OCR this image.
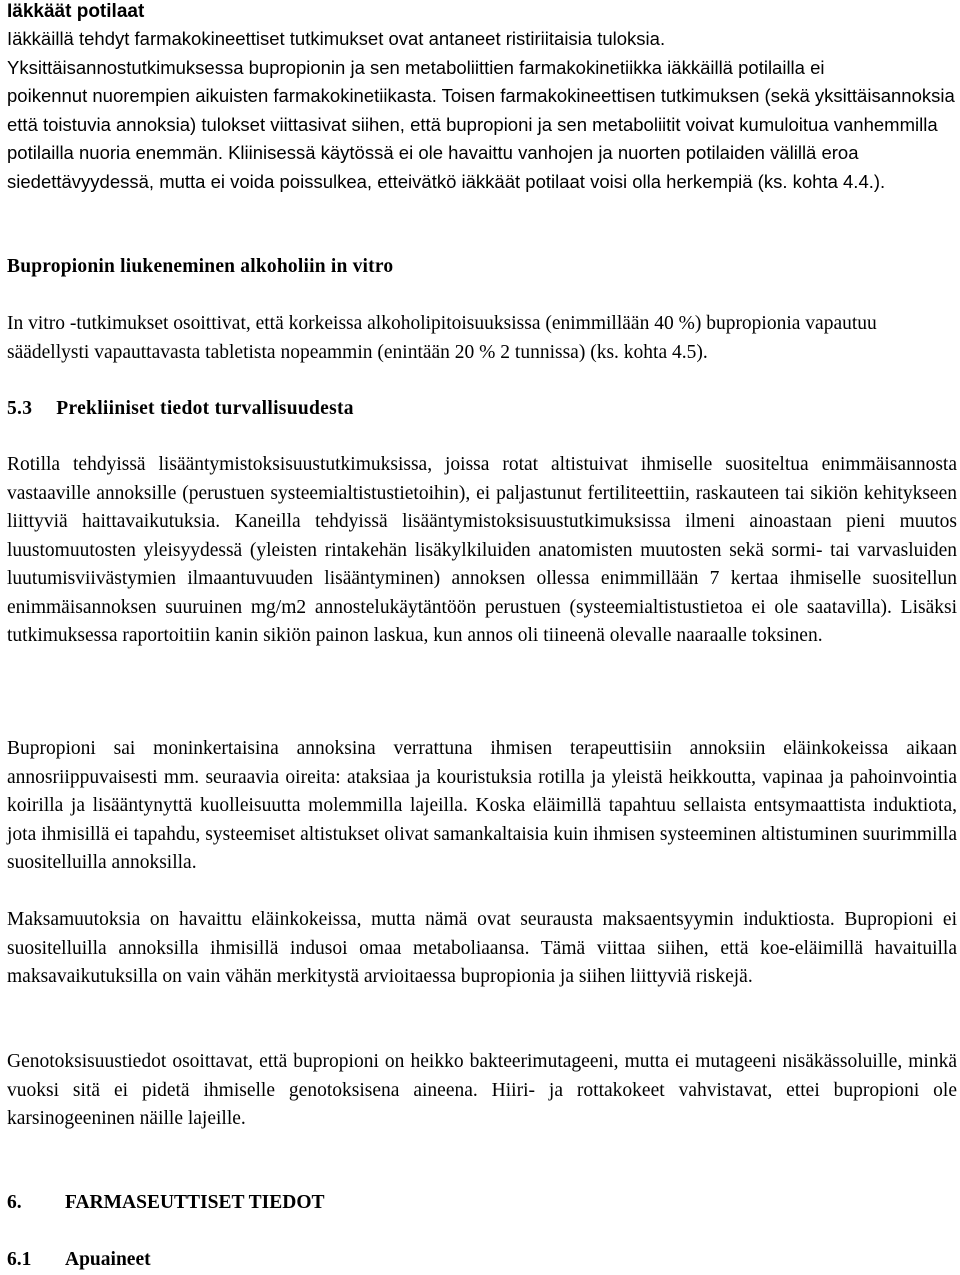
Iäkkäät potilaat
Iäkkäillä tehdyt farmakokineettiset tutkimukset ovat antaneet ristiriitaisia tuloksia.
Yksittäisannostutkimuksessa bupropionin ja sen metaboliittien farmakokinetiikka iäkkäillä potilailla ei
poikennut nuorempien aikuisten farmakokinetiikasta. Toisen farmakokineettisen tutkimuksen (sekä yksittäisannoksia että toistuvia annoksia) tulokset viittasivat siihen, että bupropioni ja sen metaboliitit voivat kumuloitua vanhemmilla potilailla nuoria enemmän. Kliinisessä käytössä ei ole havaittu vanhojen ja nuorten potilaiden välillä eroa siedettävyydessä, mutta ei voida poissulkea, etteivätkö iäkkäät potilaat voisi olla herkempiä (ks. kohta 4.4.).
Bupropionin liukeneminen alkoholiin in vitro
In vitro -tutkimukset osoittivat, että korkeissa alkoholipitoisuuksissa (enimmillään 40 %) bupropionia vapautuu säädellysti vapauttavasta tabletista nopeammin (enintään 20 % 2 tunnissa) (ks. kohta 4.5).
5.3 Prekliiniset tiedot turvallisuudesta
Rotilla tehdyissä lisääntymistoksisuustutkimuksissa, joissa rotat altistuivat ihmiselle suositeltua enimmäisannosta vastaaville annoksille (perustuen systeemialtistustietoihin), ei paljastunut fertiliteettiin, raskauteen tai sikiön kehitykseen liittyviä haittavaikutuksia. Kaneilla tehdyissä lisääntymistoksisuustutkimuksissa ilmeni ainoastaan pieni muutos luustomuutosten yleisyydessä (yleisten rintakehän lisäkylkiluiden anatomisten muutosten sekä sormi- tai varvasluiden luutumisviivästymien ilmaantuvuuden lisääntyminen) annoksen ollessa enimmillään 7 kertaa ihmiselle suositellun enimmäisannoksen suuruinen mg/m2 annostelukäytäntöön perustuen (systeemialtistustietoa ei ole saatavilla). Lisäksi tutkimuksessa raportoitiin kanin sikiön painon laskua, kun annos oli tiineenä olevalle naaraalle toksinen.
Bupropioni sai moninkertaisina annoksina verrattuna ihmisen terapeuttisiin annoksiin eläinkokeissa aikaan annosriippuvaisesti mm. seuraavia oireita: ataksiaa ja kouristuksia rotilla ja yleistä heikkoutta, vapinaa ja pahoinvointia koirilla ja lisääntynyttä kuolleisuutta molemmilla lajeilla. Koska eläimillä tapahtuu sellaista entsymaattista induktiota, jota ihmisillä ei tapahdu, systeemiset altistukset olivat samankaltaisia kuin ihmisen systeeminen altistuminen suurimmilla suositelluilla annoksilla.
Maksamuutoksia on havaittu eläinkokeissa, mutta nämä ovat seurausta maksaentsyymin induktiosta. Bupropioni ei suositelluilla annoksilla ihmisillä indusoi omaa metaboliaansa. Tämä viittaa siihen, että koe-eläimillä havaituilla maksavaikutuksilla on vain vähän merkitystä arvioitaessa bupropionia ja siihen liittyviä riskejä.
Genotoksisuustiedot osoittavat, että bupropioni on heikko bakteerimutageeni, mutta ei mutageeni nisäkässoluille, minkä vuoksi sitä ei pidetä ihmiselle genotoksisena aineena. Hiiri- ja rottakokeet vahvistavat, ettei bupropioni ole karsinogeeninen näille lajeille.
6. FARMASEUTTISET TIEDOT
6.1 Apuaineet
